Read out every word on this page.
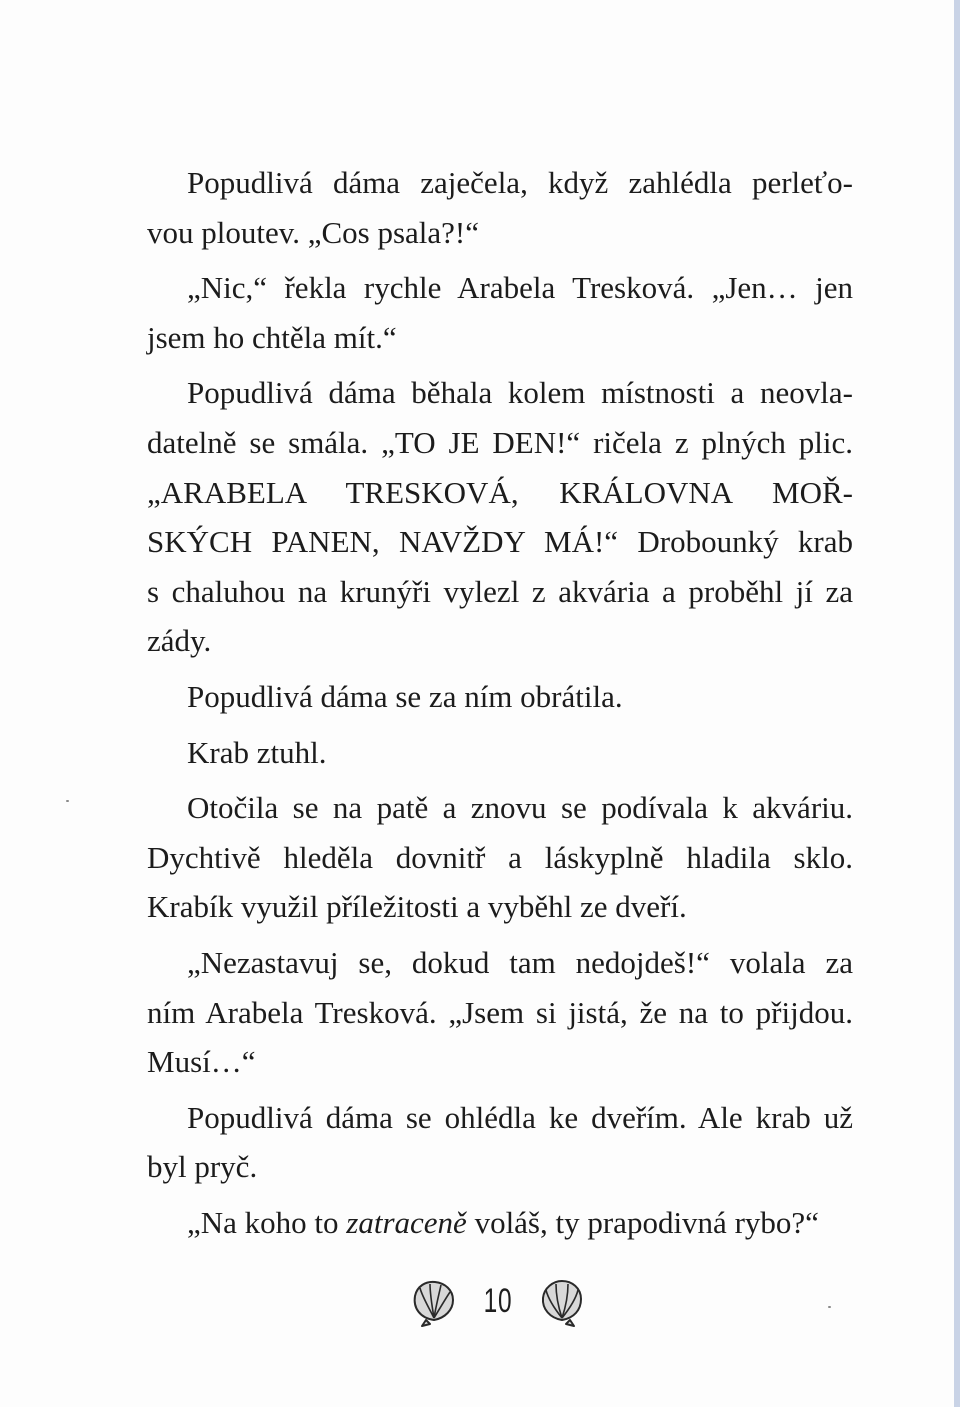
Popudlivá dáma zaječela, když zahlédla perleťo-
vou ploutev. „Cos psala?!“
„Nic,“ řekla rychle Arabela Tresková. „Jen… jen
jsem ho chtěla mít.“
Popudlivá dáma běhala kolem místnosti a neovla-
datelně se smála. „TO JE DEN!“ ričela z plných plic.
„ARABELA TRESKOVÁ, KRÁLOVNA MOŘ-
SKÝCH PANEN, NAVŽDY MÁ!“ Drobounký krab
s chaluhou na krunýři vylezl z akvária a proběhl jí za
zády.
Popudlivá dáma se za ním obrátila.
Krab ztuhl.
Otočila se na patě a znovu se podívala k akváriu.
Dychtivě hleděla dovnitř a láskyplně hladila sklo.
Krabík využil příležitosti a vyběhl ze dveří.
„Nezastavuj se, dokud tam nedojdeš!“ volala za
ním Arabela Tresková. „Jsem si jistá, že na to přijdou.
Musí…“
Popudlivá dáma se ohlédla ke dveřím. Ale krab už
byl pryč.
„Na koho to zatraceně voláš, ty prapodivná rybo?“
10
